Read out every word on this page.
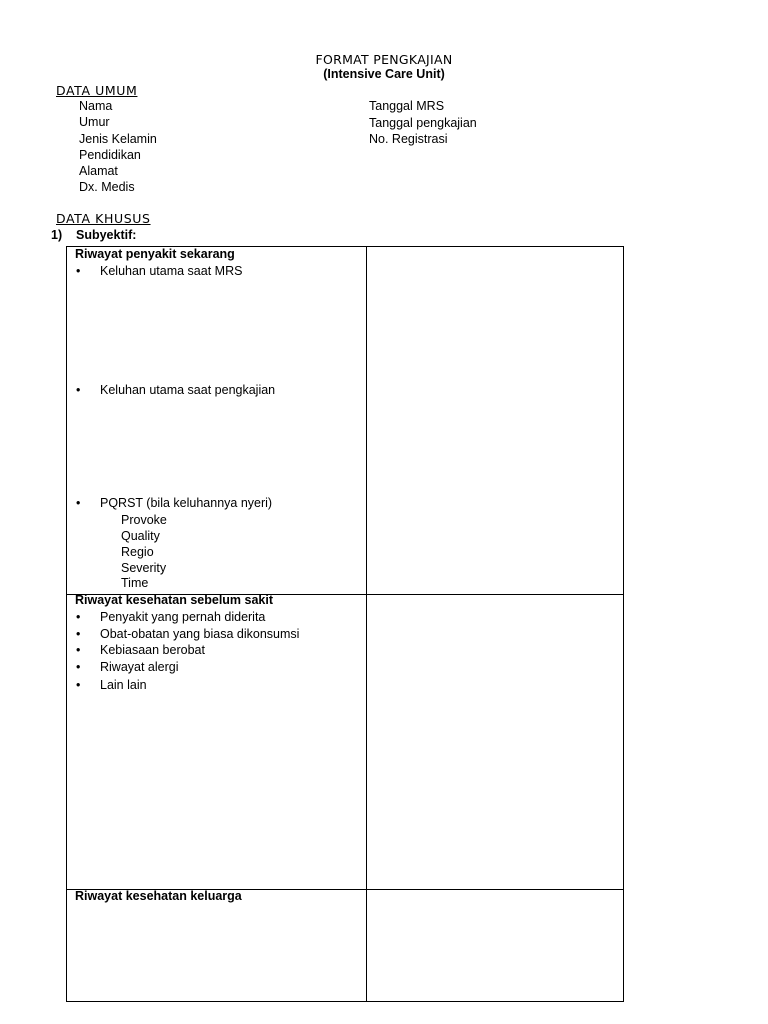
FORMAT PENGKAJIAN
(Intensive Care Unit)
DATA UMUM
Nama
Umur
Jenis Kelamin
Pendidikan
Alamat
Dx. Medis
Tanggal MRS
Tanggal pengkajian
No. Registrasi
DATA KHUSUS
1) Subyektif:
Riwayat penyakit sekarang
• Keluhan utama saat MRS
• Keluhan utama saat pengkajian
• PQRST (bila keluhannya nyeri)
Provoke
Quality
Regio
Severity
Time
Riwayat kesehatan sebelum sakit
• Penyakit yang pernah diderita
• Obat-obatan yang biasa dikonsumsi
• Kebiasaan berobat
• Riwayat alergi
• Lain lain
Riwayat kesehatan keluarga
